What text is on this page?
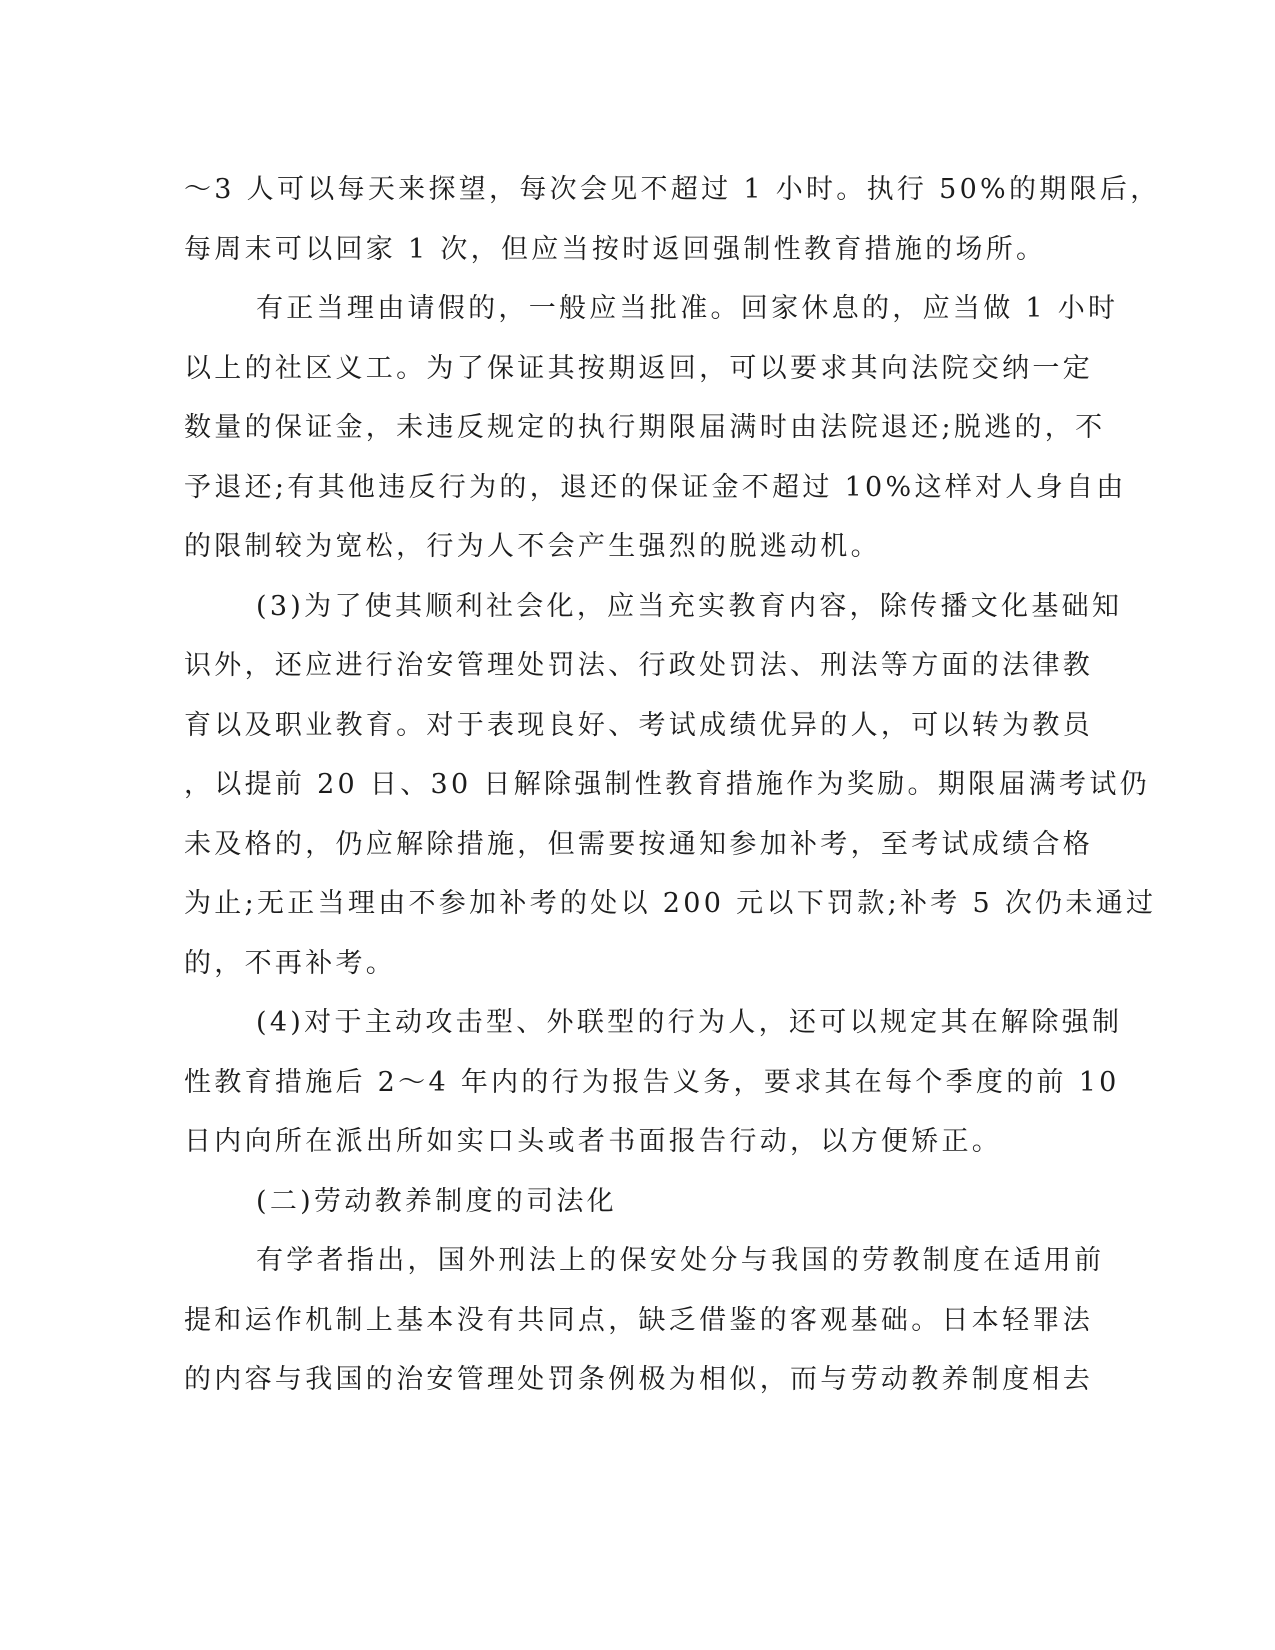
～3 人可以每天来探望，每次会见不超过 1 小时。执行 50%的期限后，
每周末可以回家 1 次，但应当按时返回强制性教育措施的场所。
有正当理由请假的，一般应当批准。回家休息的，应当做 1 小时
以上的社区义工。为了保证其按期返回，可以要求其向法院交纳一定
数量的保证金，未违反规定的执行期限届满时由法院退还;脱逃的，不
予退还;有其他违反行为的，退还的保证金不超过 10%这样对人身自由
的限制较为宽松，行为人不会产生强烈的脱逃动机。
(3)为了使其顺利社会化，应当充实教育内容，除传播文化基础知
识外，还应进行治安管理处罚法、行政处罚法、刑法等方面的法律教
育以及职业教育。对于表现良好、考试成绩优异的人，可以转为教员
，以提前 20 日、30 日解除强制性教育措施作为奖励。期限届满考试仍
未及格的，仍应解除措施，但需要按通知参加补考，至考试成绩合格
为止;无正当理由不参加补考的处以 200 元以下罚款;补考 5 次仍未通过
的，不再补考。
(4)对于主动攻击型、外联型的行为人，还可以规定其在解除强制
性教育措施后 2～4 年内的行为报告义务，要求其在每个季度的前 10
日内向所在派出所如实口头或者书面报告行动，以方便矫正。
(二)劳动教养制度的司法化
有学者指出，国外刑法上的保安处分与我国的劳教制度在适用前
提和运作机制上基本没有共同点，缺乏借鉴的客观基础。日本轻罪法
的内容与我国的治安管理处罚条例极为相似，而与劳动教养制度相去
